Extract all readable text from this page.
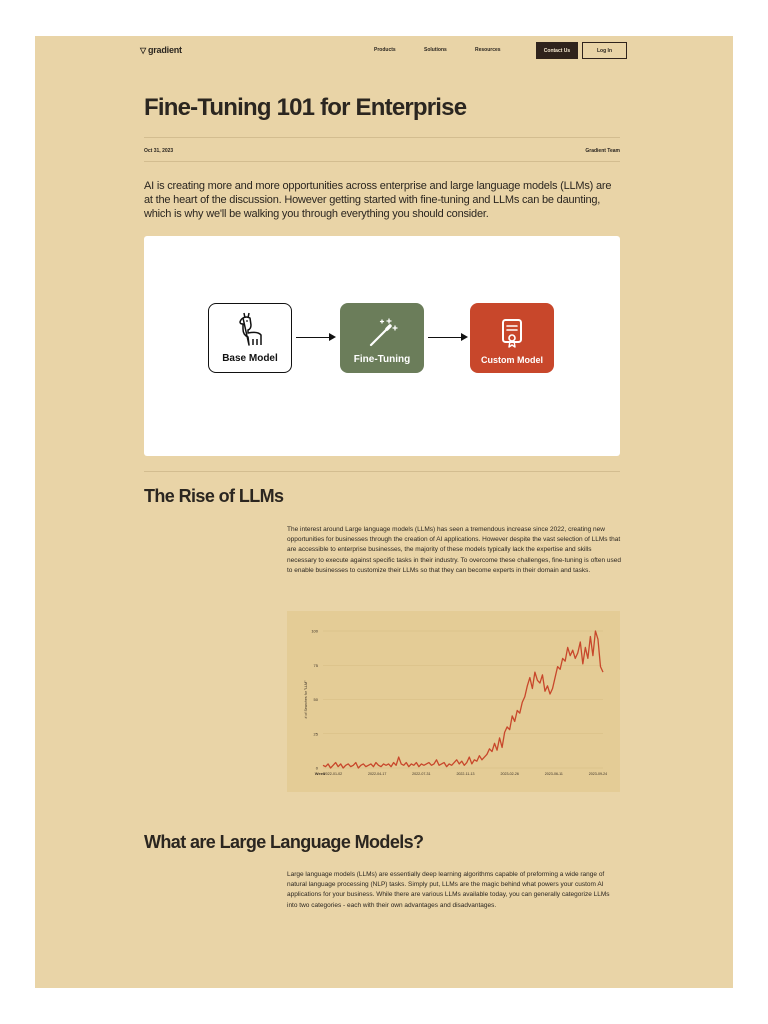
▽ gradient	Products	Solutions	Resources	Contact Us	Log In
Fine-Tuning 101 for Enterprise
Oct 31, 2023	Gradient Team
AI is creating more and more opportunities across enterprise and large language models (LLMs) are at the heart of the discussion. However getting started with fine-tuning and LLMs can be daunting, which is why we'll be walking you through everything you should consider.
Base Model	Fine-Tuning	Custom Model
The Rise of LLMs
The interest around Large language models (LLMs) has seen a tremendous increase since 2022, creating new opportunities for businesses through the creation of AI applications. However despite the vast selection of LLMs that are accessible to enterprise businesses, the majority of these models typically lack the expertise and skills necessary to execute against specific tasks in their industry. To overcome these challenges, fine-tuning is often used to enable businesses to customize their LLMs so that they can become experts in their domain and tasks.
0
25
50
75
100
Week
2022-01-02	2022-04-17	2022-07-31	2022-11-13	2023-02-26	2023-06-11	2023-09-24
# of Searches for "LLM"
What are Large Language Models?
Large language models (LLMs) are essentially deep learning algorithms capable of preforming a wide range of natural language processing (NLP) tasks. Simply put, LLMs are the magic behind what powers your custom AI applications for your business. While there are various LLMs available today, you can generally categorize LLMs into two categories - each with their own advantages and disadvantages.
